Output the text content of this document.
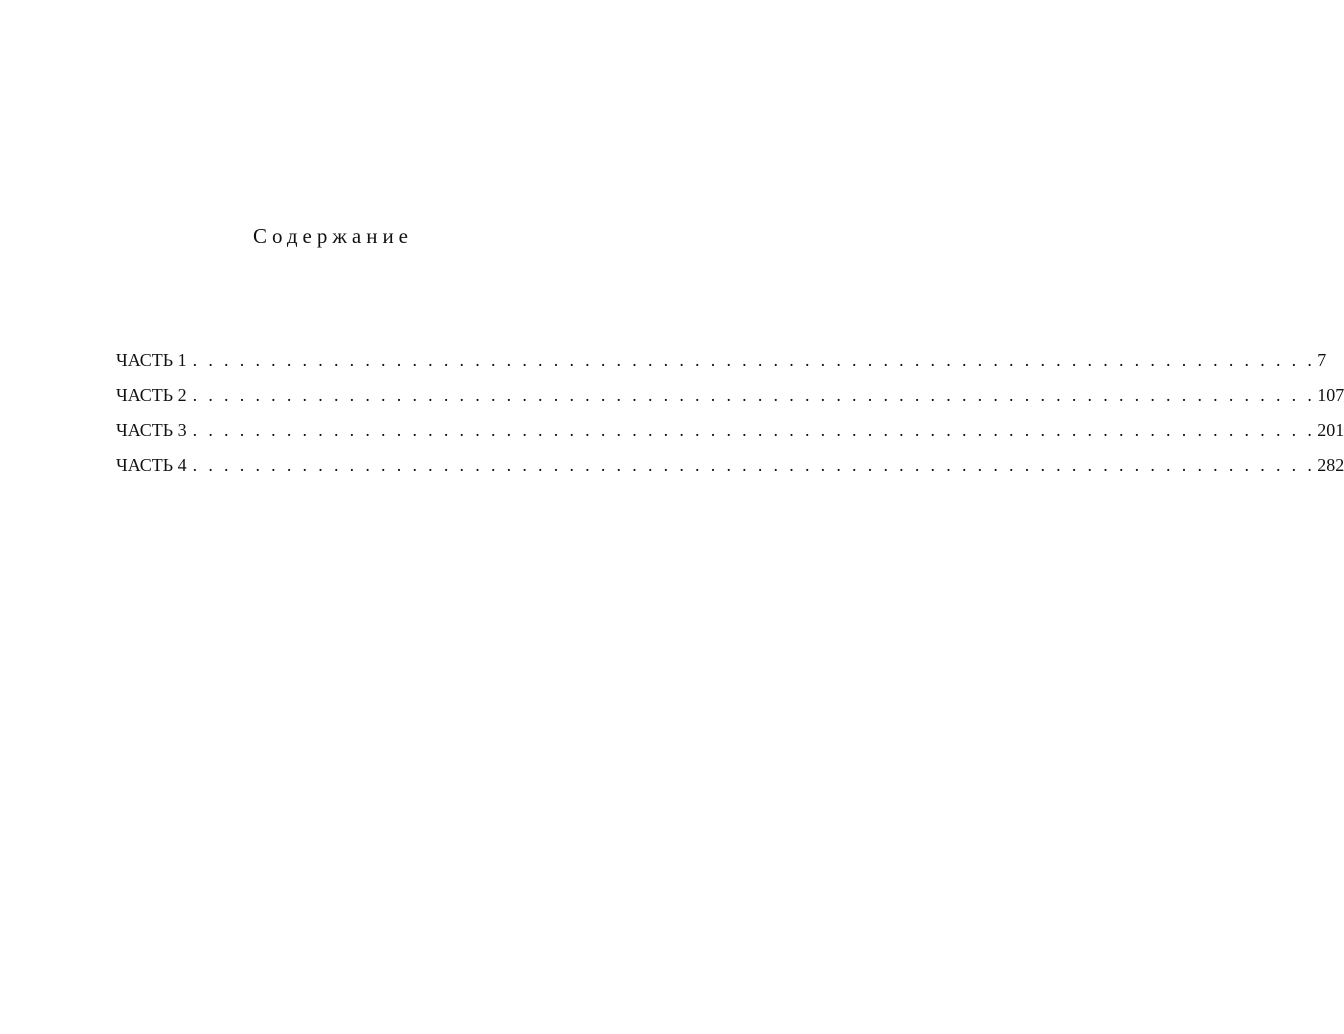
Содержание
ЧАСТЬ 1 . . . . . . . . . . . . . . . . . . . . . . . . . . . . . . . . . . . . . . . . . . . . . . . . . . . . . . . . . . . . . . . . . . . . . . . . 7
ЧАСТЬ 2 . . . . . . . . . . . . . . . . . . . . . . . . . . . . . . . . . . . . . . . . . . . . . . . . . . . . . . . . . . . . . . . . . . . . . . . . 107
ЧАСТЬ 3 . . . . . . . . . . . . . . . . . . . . . . . . . . . . . . . . . . . . . . . . . . . . . . . . . . . . . . . . . . . . . . . . . . . . . . . . 201
ЧАСТЬ 4 . . . . . . . . . . . . . . . . . . . . . . . . . . . . . . . . . . . . . . . . . . . . . . . . . . . . . . . . . . . . . . . . . . . . . . . . 282
